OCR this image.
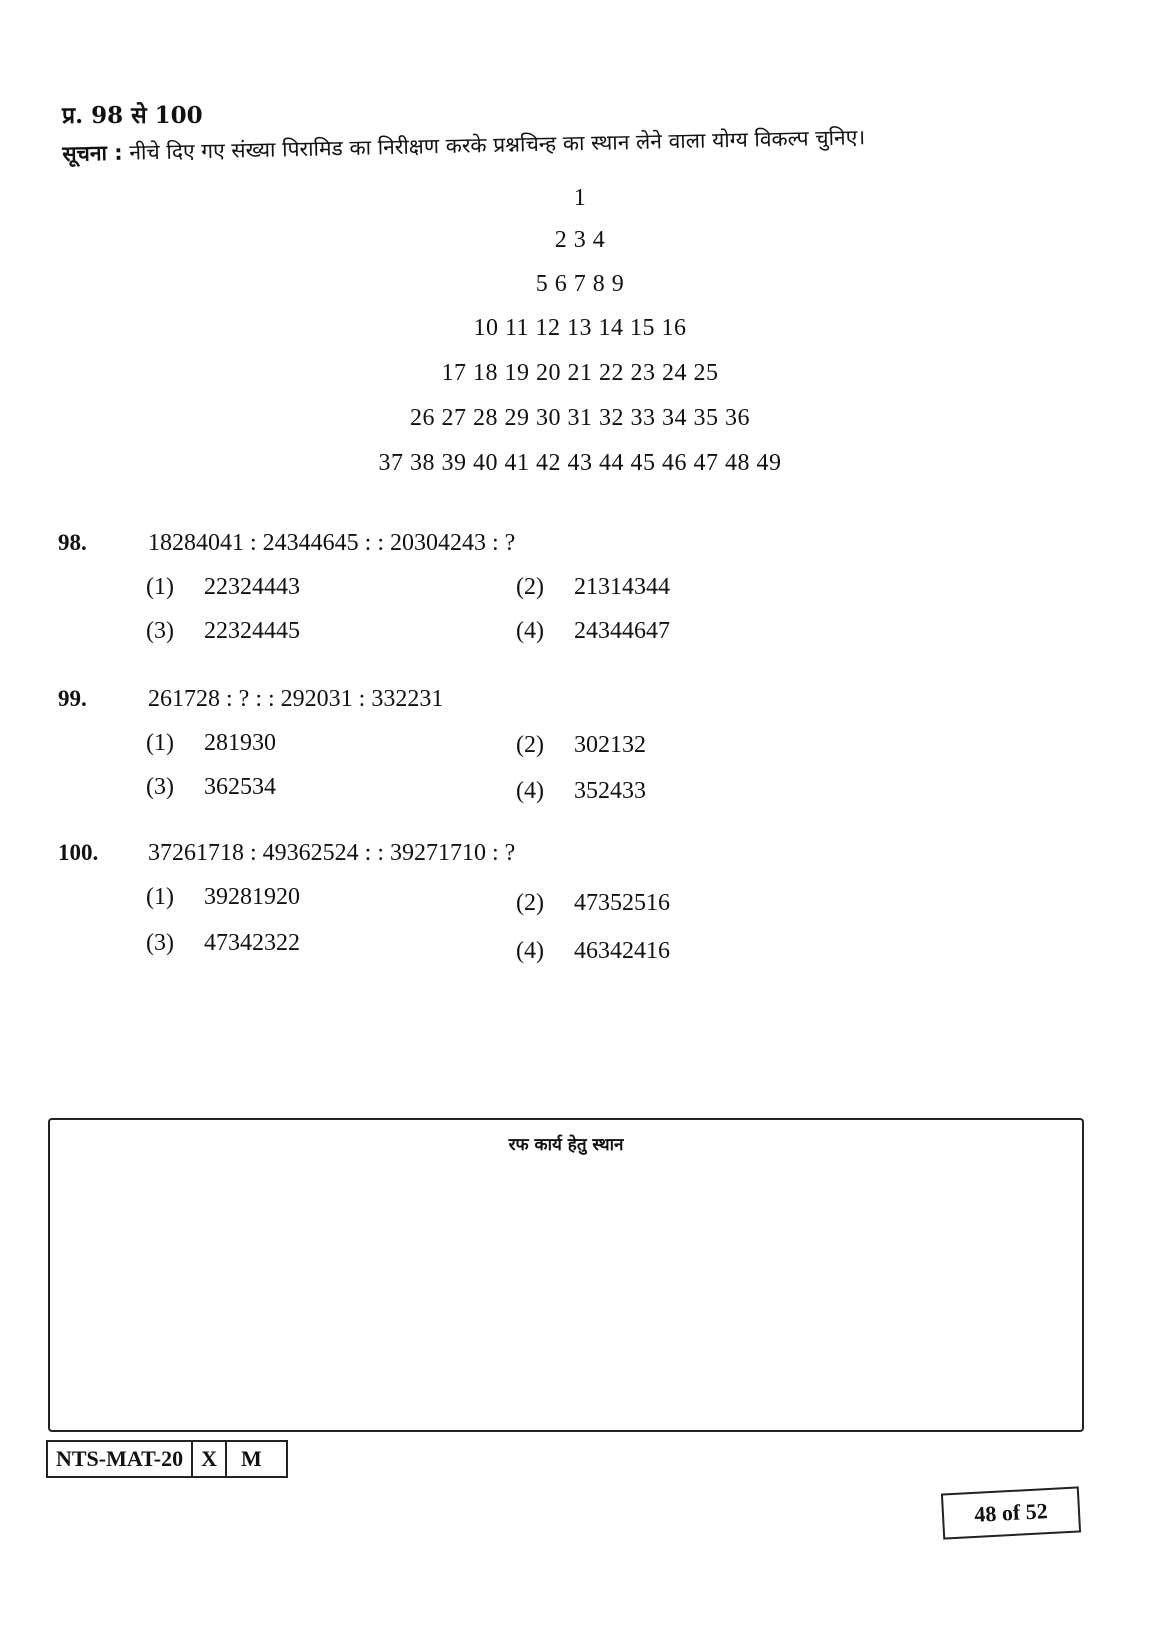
प्र. 98 से 100
सूचना : नीचे दिए गए संख्या पिरामिड का निरीक्षण करके प्रश्नचिन्ह का स्थान लेने वाला योग्य विकल्प चुनिए।
1
2 3 4
5 6 7 8 9
10 11 12 13 14 15 16
17 18 19 20 21 22 23 24 25
26 27 28 29 30 31 32 33 34 35 36
37 38 39 40 41 42 43 44 45 46 47 48 49
98.	18284041 : 24344645 : : 20304243 : ?
(1) 22324443	(2) 21314344
(3) 22324445	(4) 24344647
99.	261728 : ? : : 292031 : 332231
(1) 281930	(2) 302132
(3) 362534	(4) 352433
100. 37261718 : 49362524 : : 39271710 : ?
(1) 39281920	(2) 47352516
(3) 47342322	(4) 46342416
रफ कार्य हेतु स्थान
NTS-MAT-20 X	M
48 of 52
